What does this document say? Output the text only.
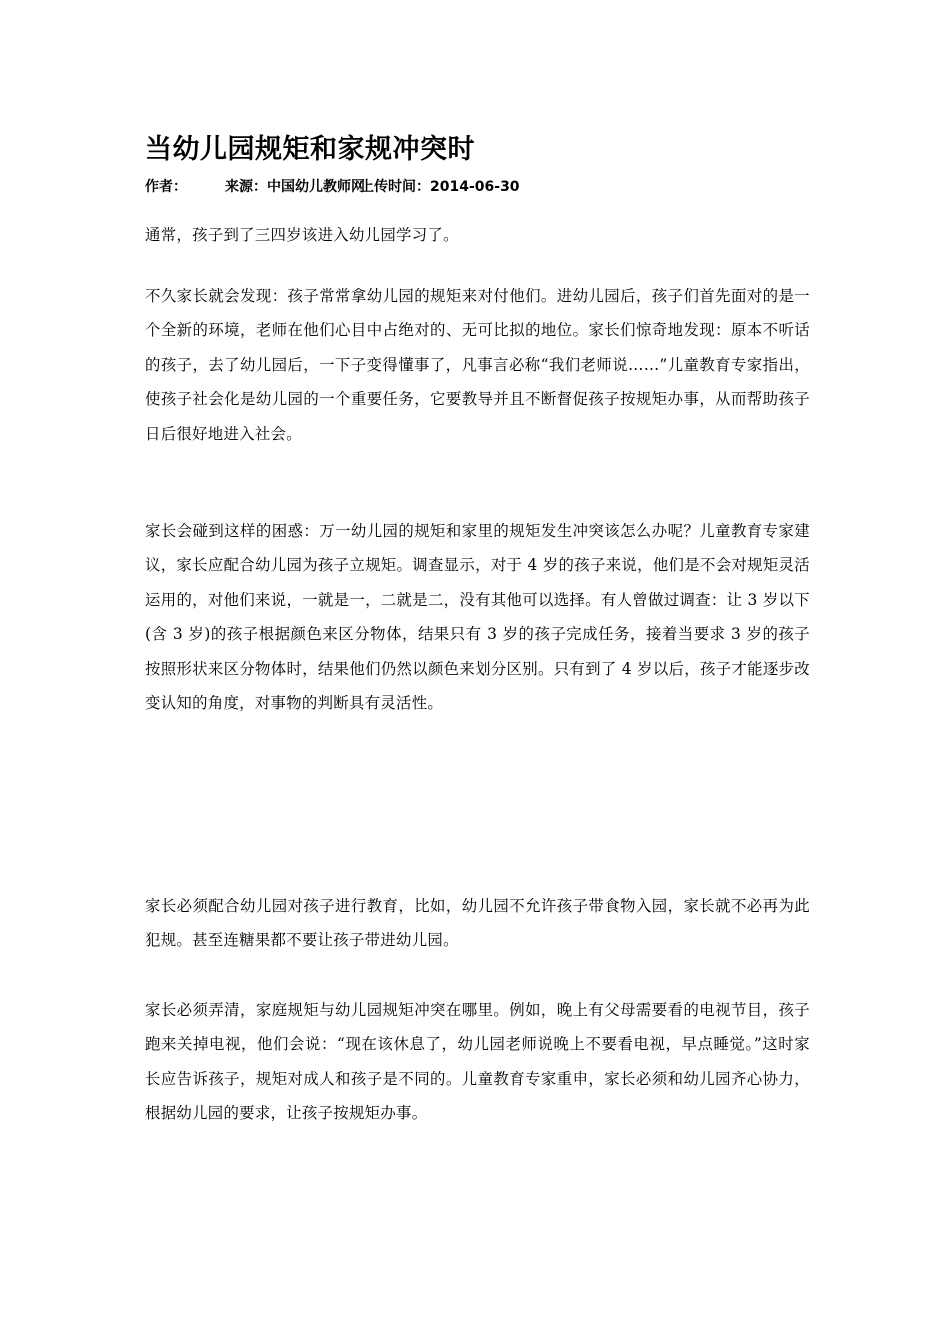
当幼儿园规矩和家规冲突时
作者：	来源：中国幼儿教师网上传时间：2014-06-30

通常，孩子到了三四岁该进入幼儿园学习了。

不久家长就会发现：孩子常常拿幼儿园的规矩来对付他们。进幼儿园后，孩子们首先面对的是一个全新的环境，老师在他们心目中占绝对的、无可比拟的地位。家长们惊奇地发现：原本不听话的孩子，去了幼儿园后，一下子变得懂事了，凡事言必称“我们老师说……”儿童教育专家指出，使孩子社会化是幼儿园的一个重要任务，它要教导并且不断督促孩子按规矩办事，从而帮助孩子日后很好地进入社会。

家长会碰到这样的困惑：万一幼儿园的规矩和家里的规矩发生冲突该怎么办呢？儿童教育专家建议，家长应配合幼儿园为孩子立规矩。调查显示，对于 4 岁的孩子来说，他们是不会对规矩灵活运用的，对他们来说，一就是一，二就是二，没有其他可以选择。有人曾做过调查：让 3 岁以下(含 3 岁)的孩子根据颜色来区分物体，结果只有 3 岁的孩子完成任务，接着当要求 3 岁的孩子按照形状来区分物体时，结果他们仍然以颜色来划分区别。只有到了 4 岁以后，孩子才能逐步改变认知的角度，对事物的判断具有灵活性。

家长必须配合幼儿园对孩子进行教育，比如，幼儿园不允许孩子带食物入园，家长就不必再为此犯规。甚至连糖果都不要让孩子带进幼儿园。

家长必须弄清，家庭规矩与幼儿园规矩冲突在哪里。例如，晚上有父母需要看的电视节目，孩子跑来关掉电视，他们会说：“现在该休息了，幼儿园老师说晚上不要看电视，早点睡觉。”这时家长应告诉孩子，规矩对成人和孩子是不同的。儿童教育专家重申，家长必须和幼儿园齐心协力，根据幼儿园的要求，让孩子按规矩办事。
